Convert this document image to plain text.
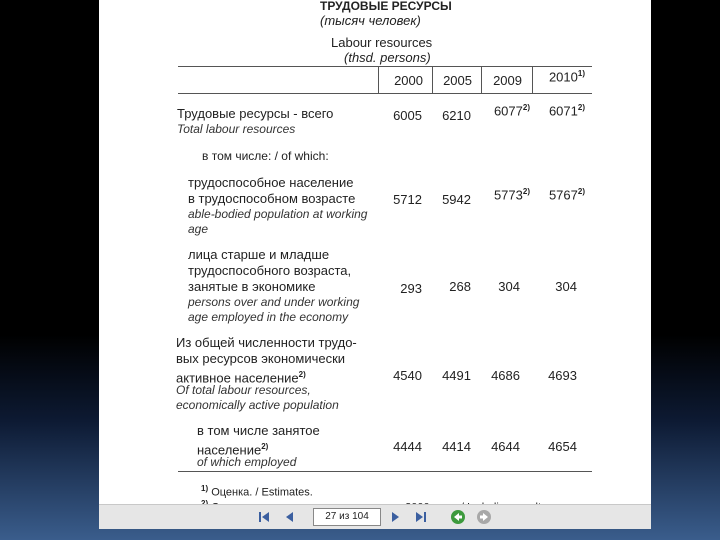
ТРУДОВЫЕ РЕСУРСЫ
(тысяч человек)
Labour resources
(thsd. persons)
2000	2005	2009	2010$^{1)}$
Трудовые ресурсы - всего
Total labour resources
6005	6210	6077$^{2)}$	6071$^{2)}$
в том числе: / of which:
трудоспособное население
в трудоспособном возрасте
able-bodied population at working
age
5712	5942	5773$^{2)}$	5767$^{2)}$
лица старше и младше
трудоспособного возраста,
занятые в экономике
persons over and under working
age employed in the economy
293	268	304	304
Из общей численности трудо-
вых ресурсов экономически
активное население$^{2)}$
Of total labour resources,
economically active population
4540	4491	4686	4693
в том числе занятое
население$^{2)}$
of which employed
4444	4414	4644	4654
$^{1)}$ Оценка. / Estimates.
27 из 104
